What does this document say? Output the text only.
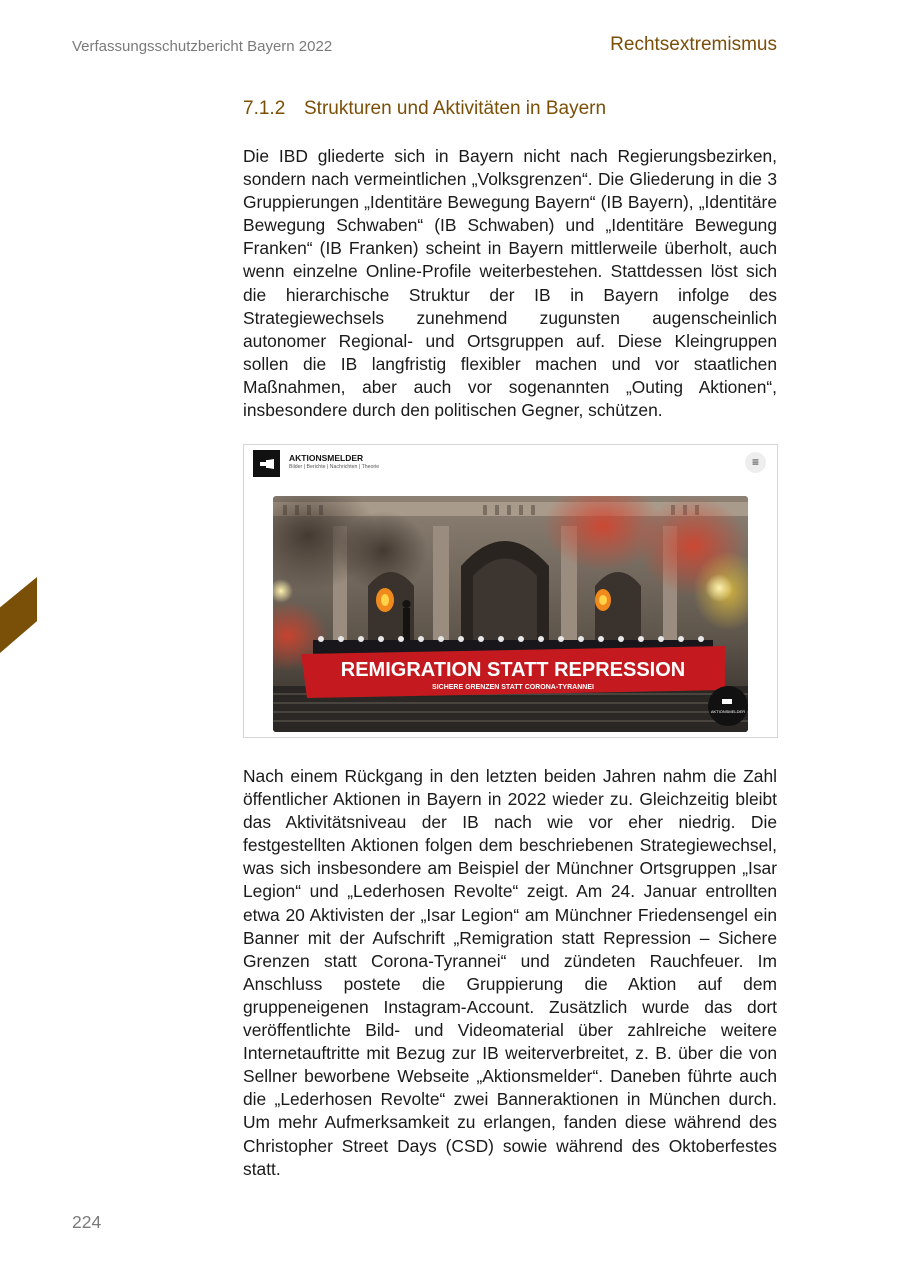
Verfassungsschutzbericht Bayern 2022	Rechtsextremismus
7.1.2 Strukturen und Aktivitäten in Bayern

Die IBD gliederte sich in Bayern nicht nach Regierungsbezirken, sondern nach vermeintlichen „Volksgrenzen“. Die Gliederung in die 3 Gruppierungen „Identitäre Bewegung Bayern“ (IB Bayern), „Identitäre Bewegung Schwaben“ (IB Schwaben) und „Identitäre Bewegung Franken“ (IB Franken) scheint in Bayern mittlerweile überholt, auch wenn einzelne Online-Profile weiterbestehen. Stattdessen löst sich die hierarchische Struktur der IB in Bayern infolge des Strategiewechsels zunehmend zugunsten augenscheinlich autonomer Regional- und Ortsgruppen auf. Diese Kleingruppen sollen die IB langfristig flexibler machen und vor staatlichen Maßnahmen, aber auch vor sogenannten „Outing Aktionen“, insbesondere durch den politischen Gegner, schützen.

AKTIONSMELDER
Bilder | Berichte | Nachrichten | Theorie	≡
REMIGRATION STATT REPRESSION
SICHERE GRENZEN STATT CORONA-TYRANNEI
AKTIONSMELDER

Nach einem Rückgang in den letzten beiden Jahren nahm die Zahl öffentlicher Aktionen in Bayern in 2022 wieder zu. Gleichzeitig bleibt das Aktivitätsniveau der IB nach wie vor eher niedrig. Die festgestellten Aktionen folgen dem beschriebenen Strategiewechsel, was sich insbesondere am Beispiel der Münchner Ortsgruppen „Isar Legion“ und „Lederhosen Revolte“ zeigt. Am 24. Januar entrollten etwa 20 Aktivisten der „Isar Legion“ am Münchner Friedensengel ein Banner mit der Aufschrift „Remigration statt Repression – Sichere Grenzen statt Corona-Tyrannei“ und zündeten Rauchfeuer. Im Anschluss postete die Gruppierung die Aktion auf dem gruppeneigenen Instagram-Account. Zusätzlich wurde das dort veröffentlichte Bild- und Videomaterial über zahlreiche weitere Internetauftritte mit Bezug zur IB weiterverbreitet, z. B. über die von Sellner beworbene Webseite „Aktionsmelder“. Daneben führte auch die „Lederhosen Revolte“ zwei Banneraktionen in München durch. Um mehr Aufmerksamkeit zu erlangen, fanden diese während des Christopher Street Days (CSD) sowie während des Oktoberfestes statt.

224
